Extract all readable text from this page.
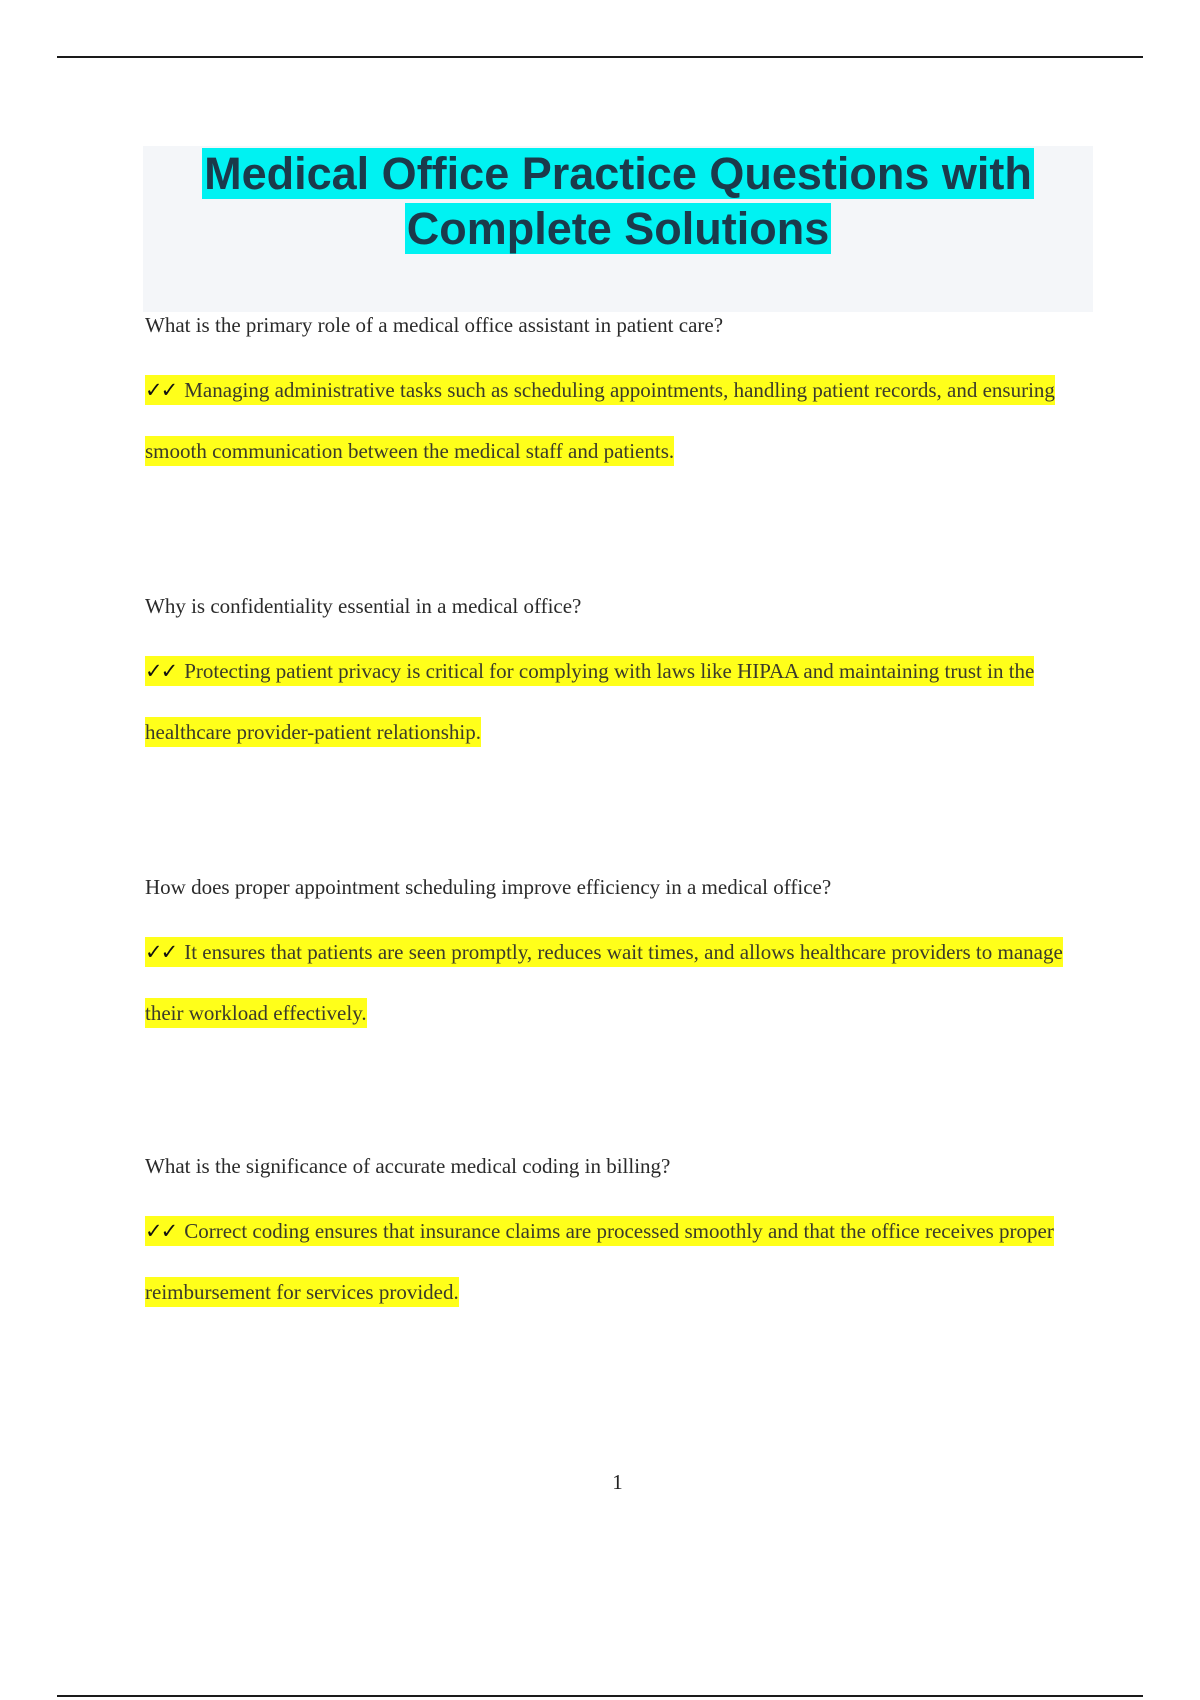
Medical Office Practice Questions with Complete Solutions

What is the primary role of a medical office assistant in patient care?

✓✓ Managing administrative tasks such as scheduling appointments, handling patient records, and ensuring smooth communication between the medical staff and patients.

Why is confidentiality essential in a medical office?

✓✓ Protecting patient privacy is critical for complying with laws like HIPAA and maintaining trust in the healthcare provider-patient relationship.

How does proper appointment scheduling improve efficiency in a medical office?

✓✓ It ensures that patients are seen promptly, reduces wait times, and allows healthcare providers to manage their workload effectively.

What is the significance of accurate medical coding in billing?

✓✓ Correct coding ensures that insurance claims are processed smoothly and that the office receives proper reimbursement for services provided.

1
